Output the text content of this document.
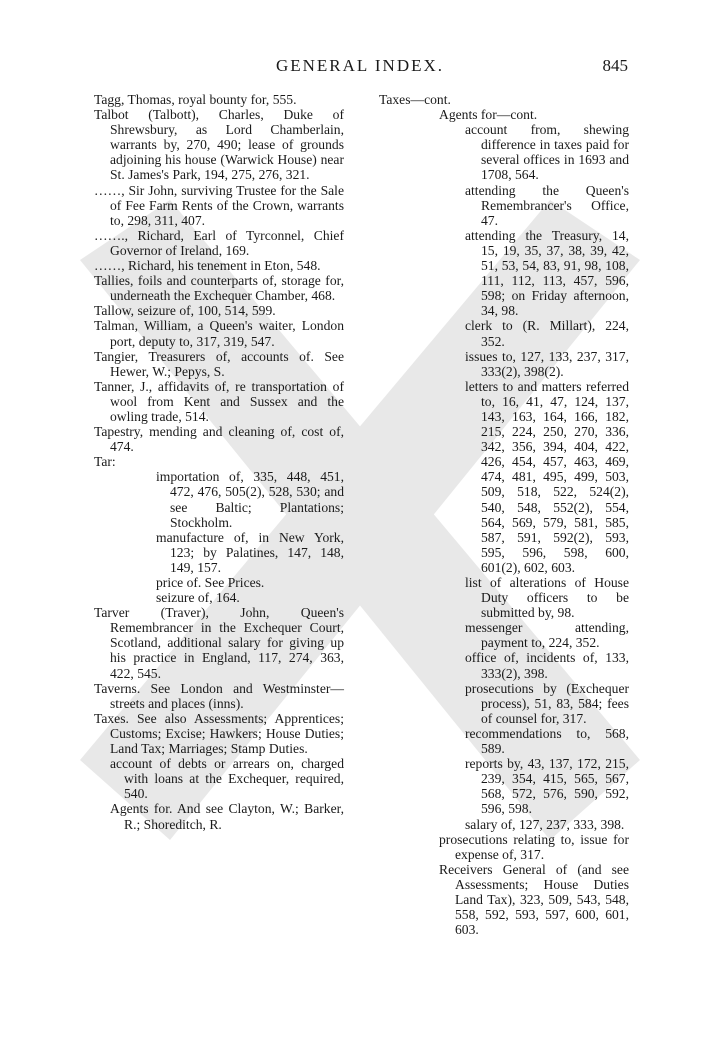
GENERAL INDEX.	845

Tagg, Thomas, royal bounty for, 555.

Talbot (Talbott), Charles, Duke of Shrewsbury, as Lord Chamberlain, warrants by, 270, 490; lease of grounds adjoining his house (Warwick House) near St. James's Park, 194, 275, 276, 321.

……, Sir John, surviving Trustee for the Sale of Fee Farm Rents of the Crown, warrants to, 298, 311, 407.

……., Richard, Earl of Tyrconnel, Chief Governor of Ireland, 169.

……, Richard, his tenement in Eton, 548.

Tallies, foils and counterparts of, storage for, underneath the Exchequer Chamber, 468.

Tallow, seizure of, 100, 514, 599.

Talman, William, a Queen's waiter, London port, deputy to, 317, 319, 547.

Tangier, Treasurers of, accounts of. See Hewer, W.; Pepys, S.

Tanner, J., affidavits of, re transportation of wool from Kent and Sussex and the owling trade, 514.

Tapestry, mending and cleaning of, cost of, 474.

Tar:

importation of, 335, 448, 451, 472, 476, 505(2), 528, 530; and see Baltic; Plantations; Stockholm.

manufacture of, in New York, 123; by Palatines, 147, 148, 149, 157.

price of. See Prices.

seizure of, 164.

Tarver (Traver), John, Queen's Remembrancer in the Exchequer Court, Scotland, additional salary for giving up his practice in England, 117, 274, 363, 422, 545.

Taverns. See London and Westminster—streets and places (inns).

Taxes. See also Assessments; Apprentices; Customs; Excise; Hawkers; House Duties; Land Tax; Marriages; Stamp Duties.

account of debts or arrears on, charged with loans at the Exchequer, required, 540.

Agents for. And see Clayton, W.; Barker, R.; Shoreditch, R.

Taxes—cont.

Agents for—cont.

account from, shewing difference in taxes paid for several offices in 1693 and 1708, 564.

attending the Queen's Remembrancer's Office, 47.

attending the Treasury, 14, 15, 19, 35, 37, 38, 39, 42, 51, 53, 54, 83, 91, 98, 108, 111, 112, 113, 457, 596, 598; on Friday afternoon, 34, 98.

clerk to (R. Millart), 224, 352.

issues to, 127, 133, 237, 317, 333(2), 398(2).

letters to and matters referred to, 16, 41, 47, 124, 137, 143, 163, 164, 166, 182, 215, 224, 250, 270, 336, 342, 356, 394, 404, 422, 426, 454, 457, 463, 469, 474, 481, 495, 499, 503, 509, 518, 522, 524(2), 540, 548, 552(2), 554, 564, 569, 579, 581, 585, 587, 591, 592(2), 593, 595, 596, 598, 600, 601(2), 602, 603.

list of alterations of House Duty officers to be submitted by, 98.

messenger attending, payment to, 224, 352.

office of, incidents of, 133, 333(2), 398.

prosecutions by (Exchequer process), 51, 83, 584; fees of counsel for, 317.

recommendations to, 568, 589.

reports by, 43, 137, 172, 215, 239, 354, 415, 565, 567, 568, 572, 576, 590, 592, 596, 598.

salary of, 127, 237, 333, 398.

prosecutions relating to, issue for expense of, 317.

Receivers General of (and see Assessments; House Duties Land Tax), 323, 509, 543, 548, 558, 592, 593, 597, 600, 601, 603.
